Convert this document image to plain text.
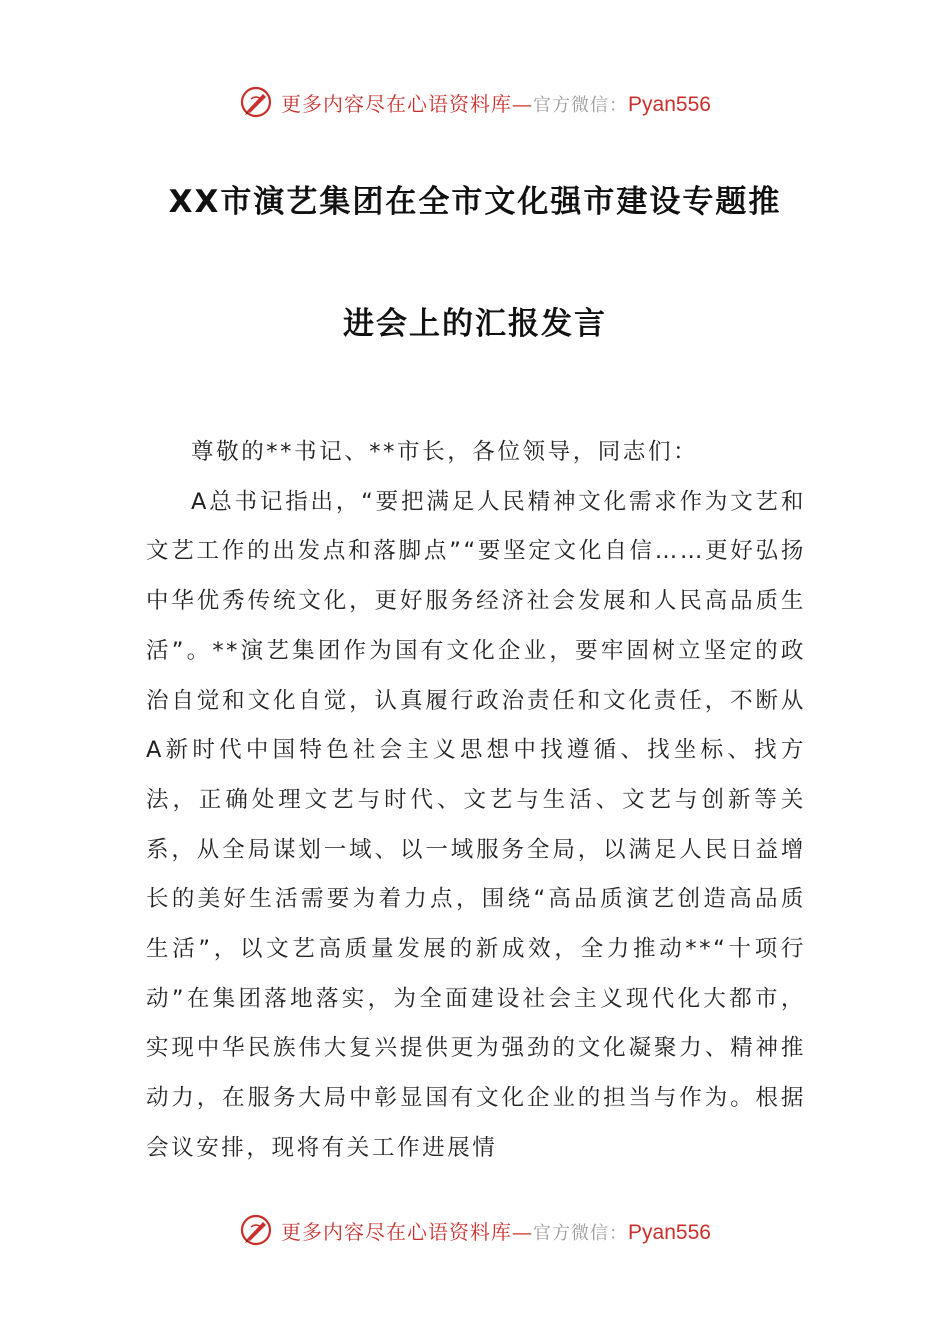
更多内容尽在心语资料库—官方微信：Pyan556
XX市演艺集团在全市文化强市建设专题推
进会上的汇报发言

尊敬的**书记、**市长，各位领导，同志们：

A总书记指出，“要把满足人民精神文化需求作为文艺和文艺工作的出发点和落脚点”“要坚定文化自信……更好弘扬中华优秀传统文化，更好服务经济社会发展和人民高品质生活”。**演艺集团作为国有文化企业，要牢固树立坚定的政治自觉和文化自觉，认真履行政治责任和文化责任，不断从A新时代中国特色社会主义思想中找遵循、找坐标、找方法，正确处理文艺与时代、文艺与生活、文艺与创新等关系，从全局谋划一域、以一域服务全局，以满足人民日益增长的美好生活需要为着力点，围绕“高品质演艺创造高品质生活”，以文艺高质量发展的新成效，全力推动**“十项行动”在集团落地落实，为全面建设社会主义现代化大都市，实现中华民族伟大复兴提供更为强劲的文化凝聚力、精神推动力，在服务大局中彰显国有文化企业的担当与作为。根据会议安排，现将有关工作进展情

更多内容尽在心语资料库—官方微信：Pyan556
